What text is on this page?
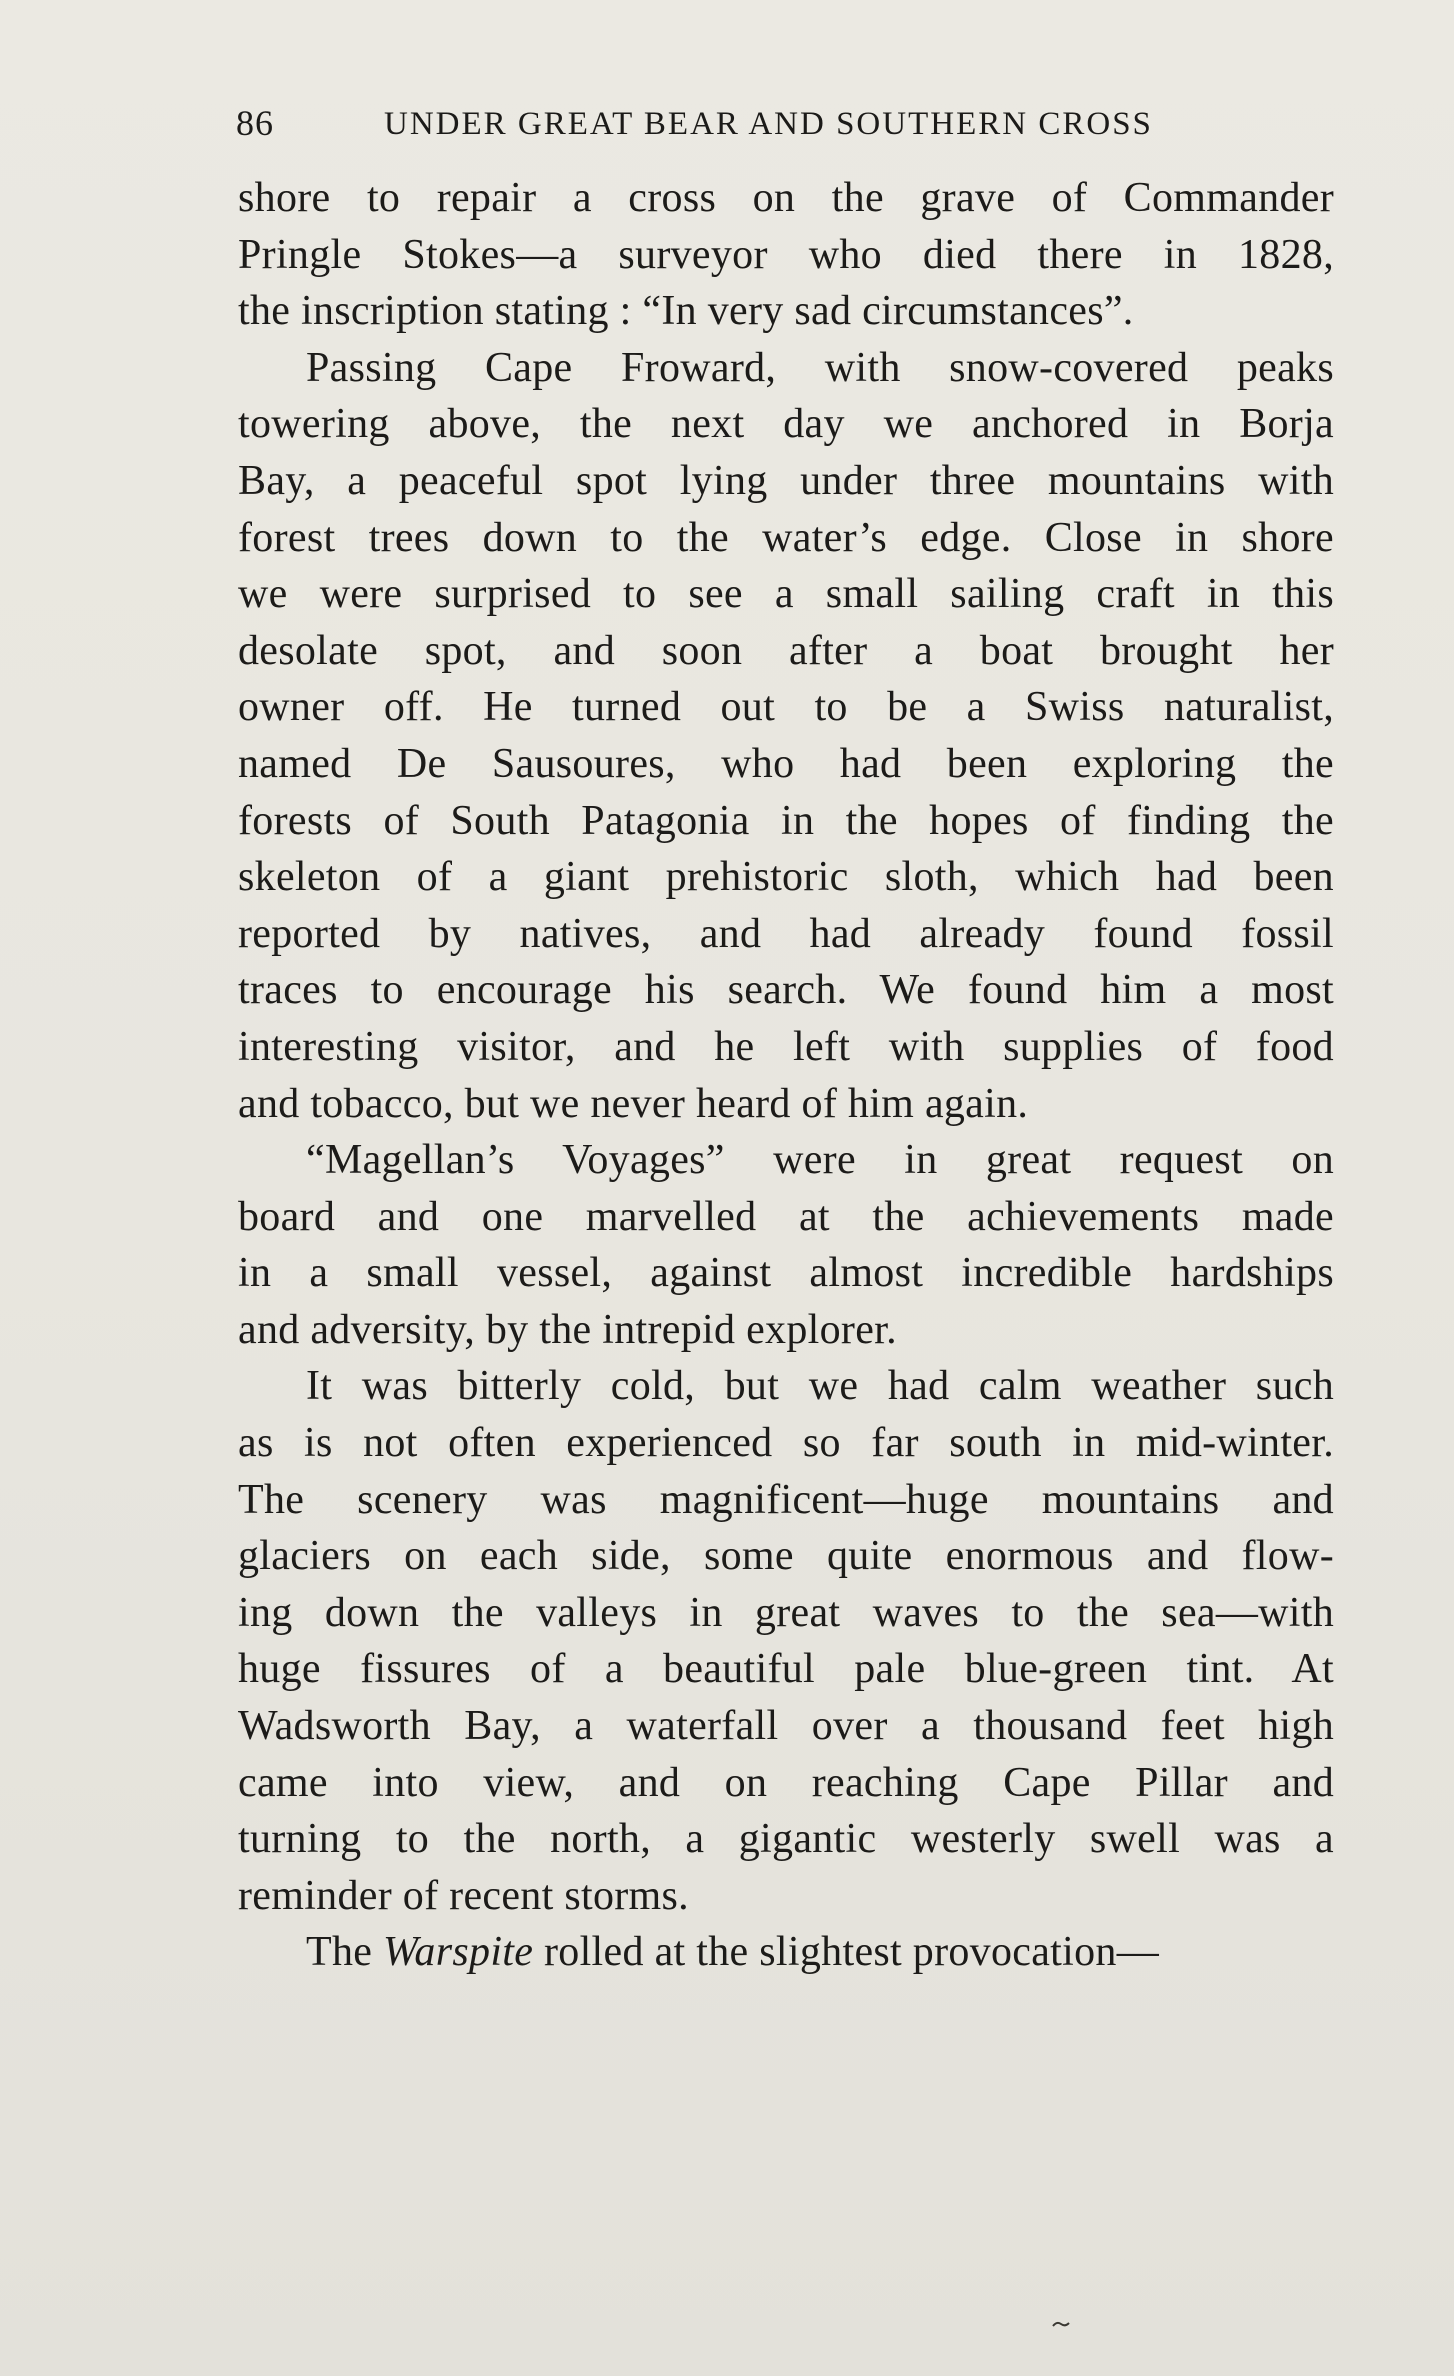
86	UNDER GREAT BEAR AND SOUTHERN CROSS
shore to repair a cross on the grave of Commander
Pringle Stokes—a surveyor who died there in 1828,
the inscription stating : “In very sad circumstances”.
Passing Cape Froward, with snow-covered peaks
towering above, the next day we anchored in Borja
Bay, a peaceful spot lying under three mountains with
forest trees down to the water’s edge. Close in shore
we were surprised to see a small sailing craft in this
desolate spot, and soon after a boat brought her
owner off. He turned out to be a Swiss naturalist,
named De Sausoures, who had been exploring the
forests of South Patagonia in the hopes of finding the
skeleton of a giant prehistoric sloth, which had been
reported by natives, and had already found fossil
traces to encourage his search. We found him a most
interesting visitor, and he left with supplies of food
and tobacco, but we never heard of him again.
“Magellan’s Voyages” were in great request on
board and one marvelled at the achievements made
in a small vessel, against almost incredible hardships
and adversity, by the intrepid explorer.
It was bitterly cold, but we had calm weather such
as is not often experienced so far south in mid-winter.
The scenery was magnificent—huge mountains and
glaciers on each side, some quite enormous and flow-
ing down the valleys in great waves to the sea—with
huge fissures of a beautiful pale blue-green tint. At
Wadsworth Bay, a waterfall over a thousand feet high
came into view, and on reaching Cape Pillar and
turning to the north, a gigantic westerly swell was a
reminder of recent storms.
The Warspite rolled at the slightest provocation—
